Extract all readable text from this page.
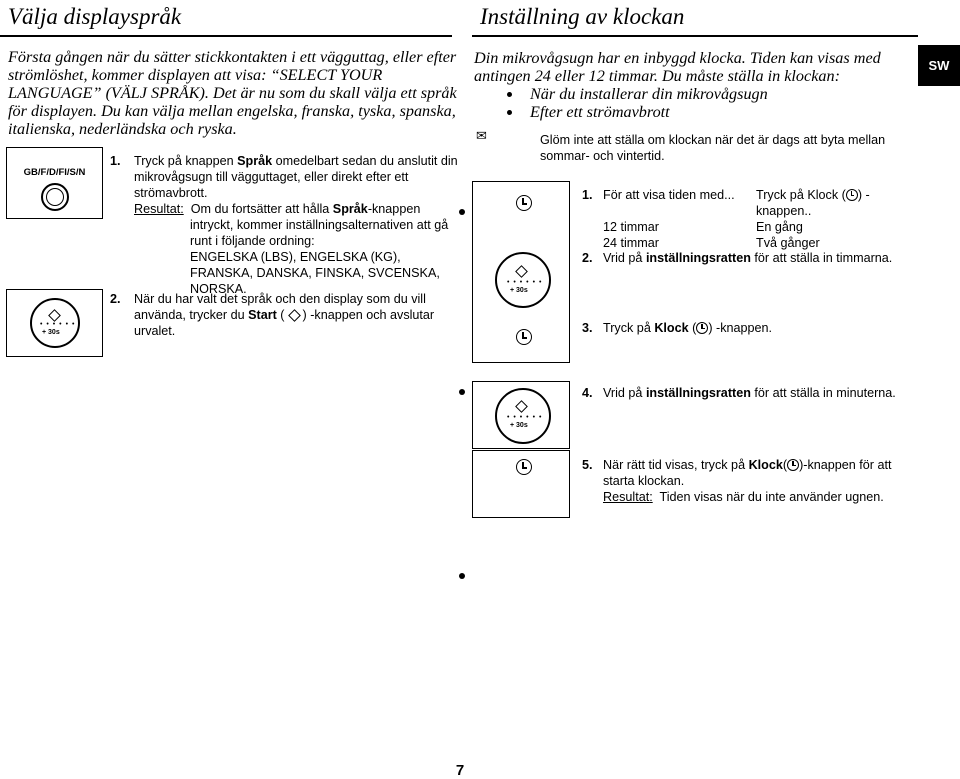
Välja displayspråk
Första gången när du sätter stickkontakten i ett vägguttag, eller efter
strömlöshet, kommer displayen att visa: “SELECT YOUR
LANGUAGE” (VÄLJ SPRÅK). Det är nu som du skall välja ett språk
för displayen. Du kan välja mellan engelska, franska, tyska, spanska,
italienska, nederländska och ryska.
GB/F/D/FI/S/N
• • • • • •
+ 30s
1. Tryck på knappen Språk omedelbart sedan du anslutit din
mikrovågsugn till vägguttaget, eller direkt efter ett
strömavbrott.
Resultat: Om du fortsätter att hålla Språk-knappen
intryckt, kommer inställningsalternativen att gå
runt i följande ordning:
ENGELSKA (LBS), ENGELSKA (KG),
FRANSKA, DANSKA, FINSKA, SVCENSKA,
NORSKA.
2. När du har valt det språk och den display som du vill
använda, trycker du Start ( ) -knappen och avslutar
urvalet.
Inställning av klockan
SW
Din mikrovågsugn har en inbyggd klocka. Tiden kan visas med
antingen 24 eller 12 timmar. Du måste ställa in klockan:
När du installerar din mikrovågsugn
Efter ett strömavbrott
✉	Glöm inte att ställa om klockan när det är dags att byta mellan
sommar- och vintertid.
• • • • • •
+ 30s
• • • • • •
+ 30s
1. För att visa tiden med...	Tryck på Klock ( ) -
	knappen..
12 timmar	En gång
24 timmar	Två gånger
2. Vrid på inställningsratten för att ställa in timmarna.
3. Tryck på Klock ( ) -knappen.
4. Vrid på inställningsratten för att ställa in minuterna.
5. När rätt tid visas, tryck på Klock( )-knappen för att
starta klockan.
Resultat: Tiden visas när du inte använder ugnen.
7
